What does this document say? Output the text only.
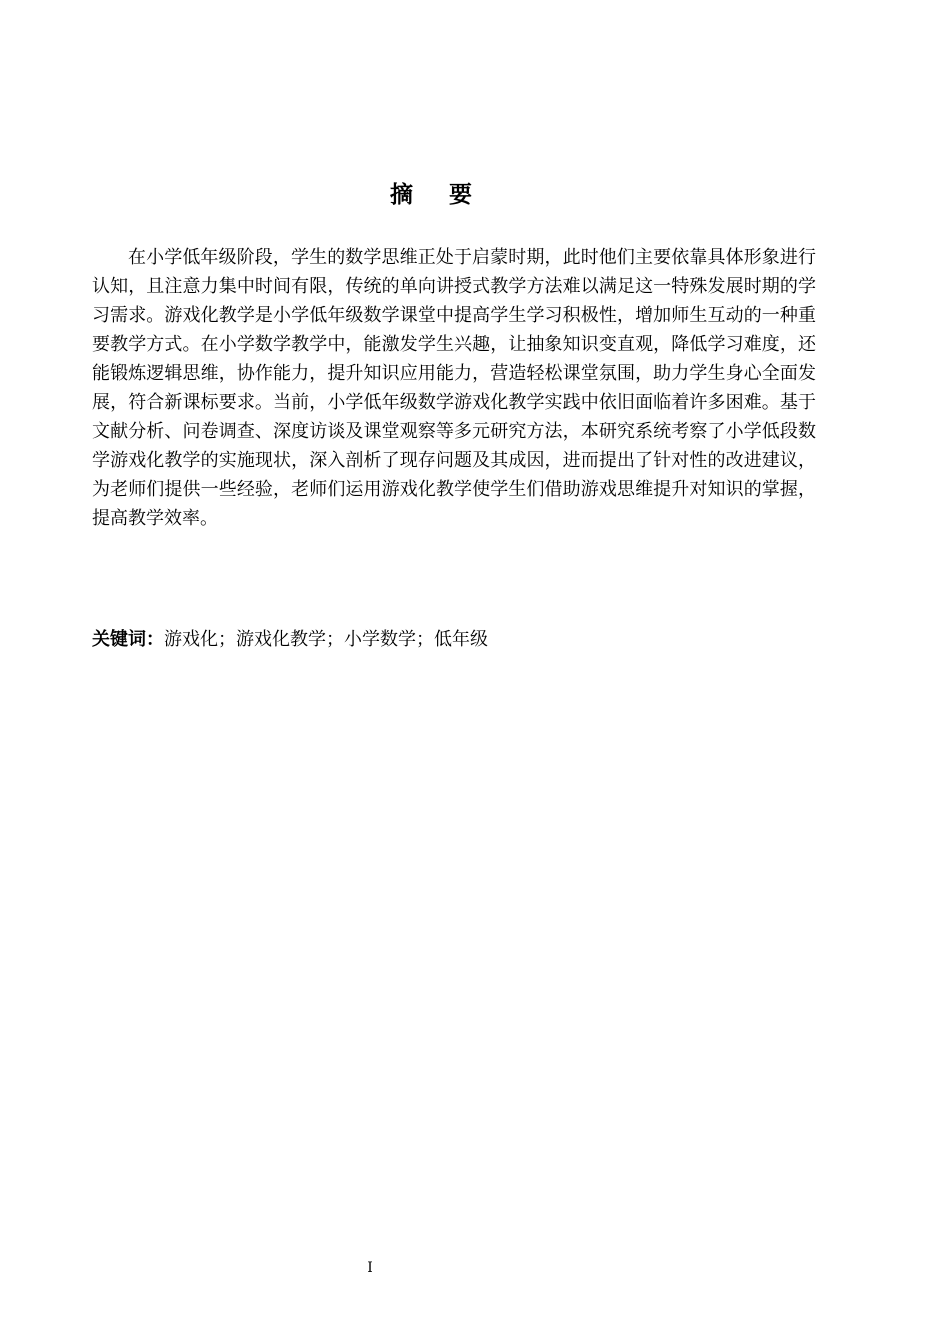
摘要

在小学低年级阶段，学生的数学思维正处于启蒙时期，此时他们主要依靠具体形象进行认知，且注意力集中时间有限，传统的单向讲授式教学方法难以满足这一特殊发展时期的学习需求。游戏化教学是小学低年级数学课堂中提高学生学习积极性，增加师生互动的一种重要教学方式。在小学数学教学中，能激发学生兴趣，让抽象知识变直观，降低学习难度，还能锻炼逻辑思维，协作能力，提升知识应用能力，营造轻松课堂氛围，助力学生身心全面发展，符合新课标要求。当前，小学低年级数学游戏化教学实践中依旧面临着许多困难。基于文献分析、问卷调查、深度访谈及课堂观察等多元研究方法，本研究系统考察了小学低段数学游戏化教学的实施现状，深入剖析了现存问题及其成因，进而提出了针对性的改进建议，为老师们提供一些经验，老师们运用游戏化教学使学生们借助游戏思维提升对知识的掌握，提高教学效率。

关键词：游戏化；游戏化教学；小学数学；低年级

I
